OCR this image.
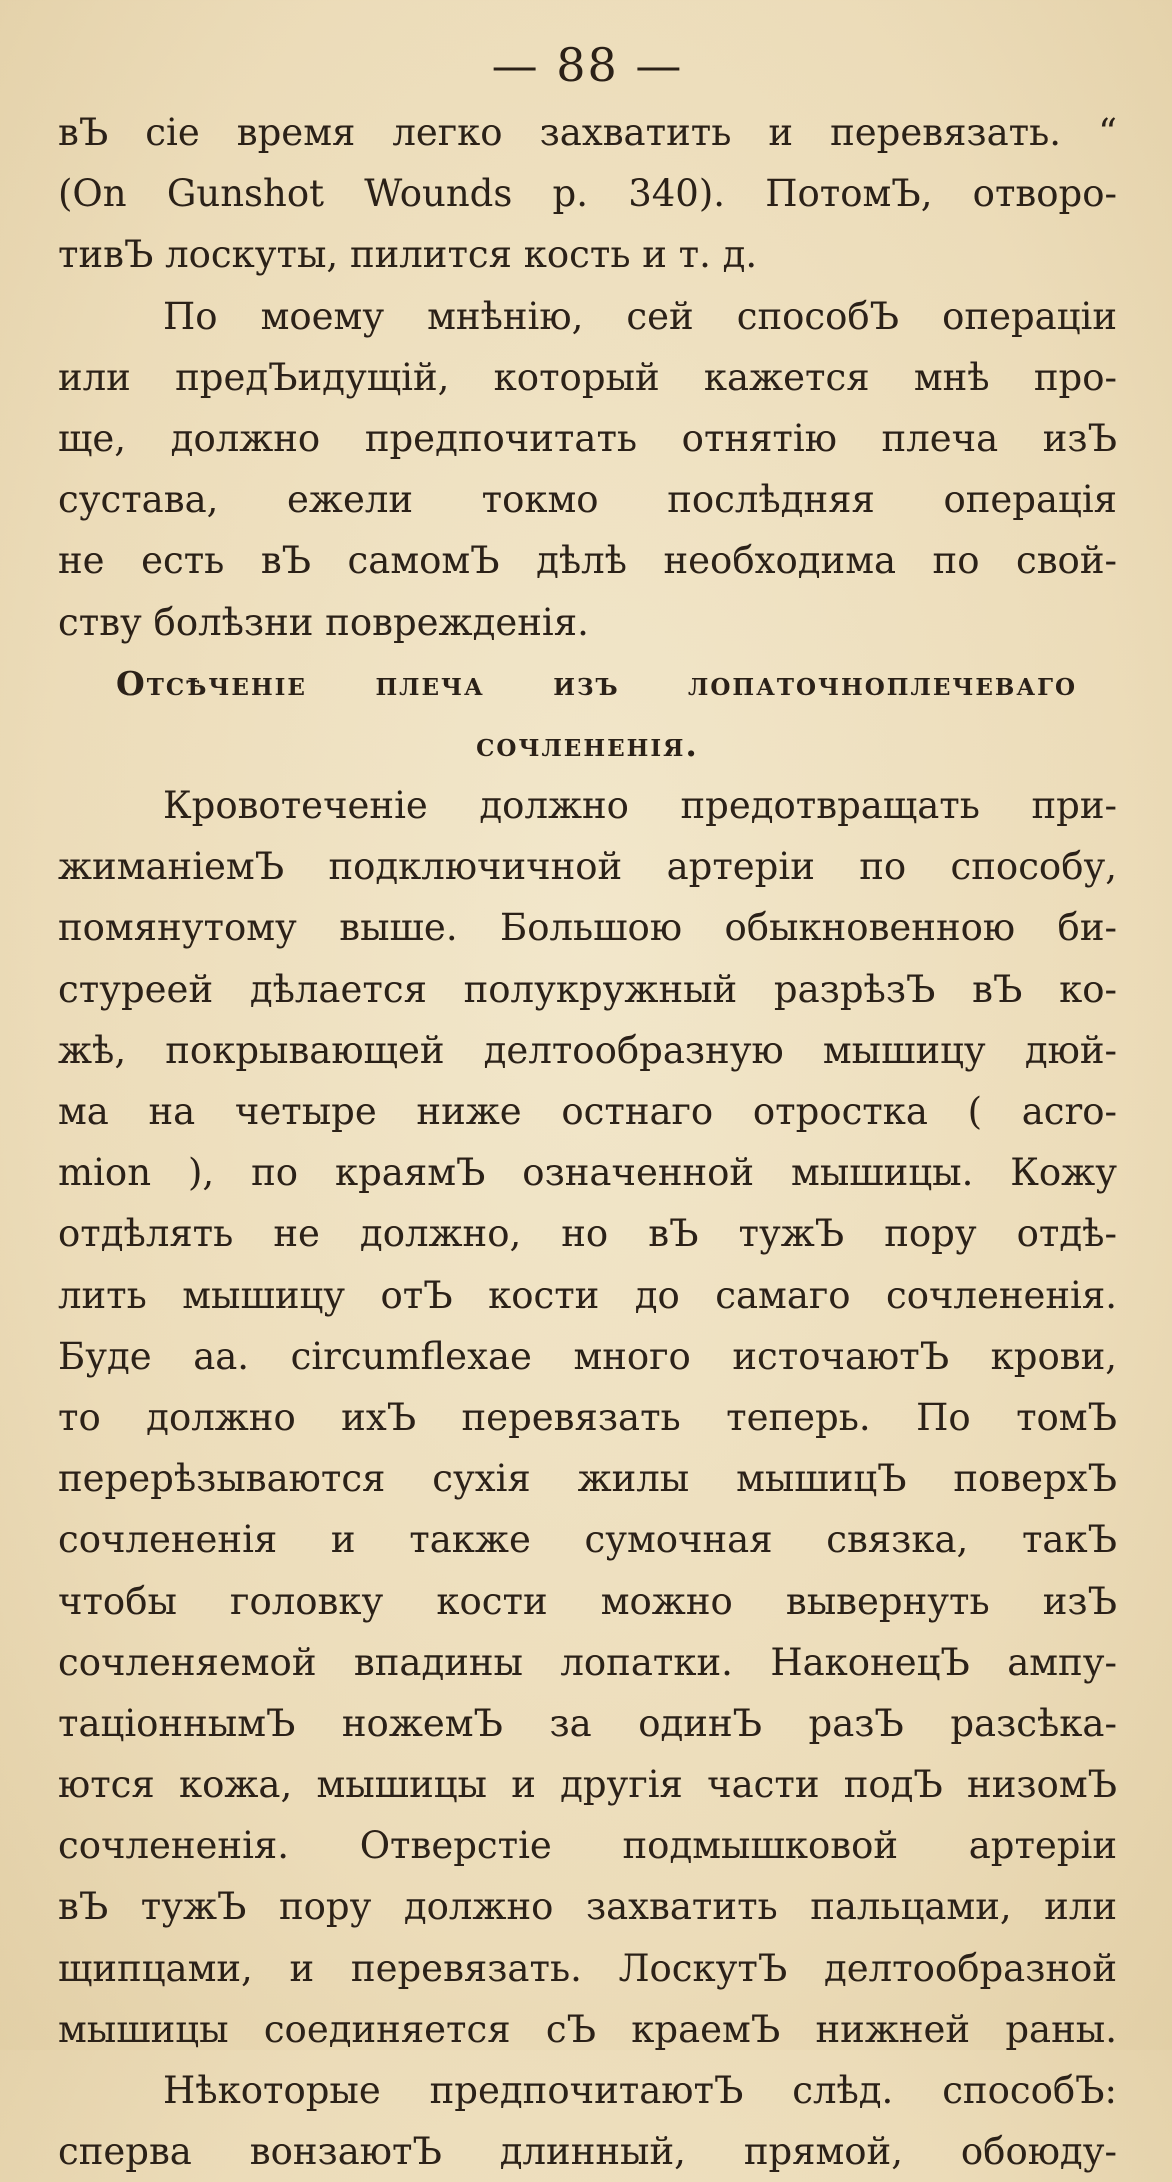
— 88 —
вЪ сіе время легко захватить и перевязать. “
(On Gunshot Wounds p. 340). ПотомЪ, отворо-
тивЪ лоскуты, пилится кость и т. д.
По моему мнѣнію, сей способЪ операціи
или предЪидущій, который кажется мнѣ про-
ще, должно предпочитать отнятію плеча изЪ
сустава, ежели токмо послѣдняя операція
не есть вЪ самомЪ дѣлѣ необходима по свой-
ству болѣзни поврежденія.
Отсѣченіе плеча изъ лопаточноплечеваго
сочлененія.
Кровотеченіе должно предотвращать при-
жиманіемЪ подключичной артеріи по способу,
помянутому выше. Большою обыкновенною би-
стуреей дѣлается полукружный разрѣзЪ вЪ ко-
жѣ, покрывающей делтообразную мышицу дюй-
ма на четыре ниже остнаго отростка ( acro-
mion ), по краямЪ означенной мышицы. Кожу
отдѣлять не должно, но вЪ тужЪ пору отдѣ-
лить мышицу отЪ кости до самаго сочлененія.
Буде аа. circumflexae много источаютЪ крови,
то должно ихЪ перевязать теперь. По томЪ
перерѣзываются сухія жилы мышицЪ поверхЪ
сочлененія и также сумочная связка, такЪ
чтобы головку кости можно вывернуть изЪ
сочленяемой впадины лопатки. НаконецЪ ампу-
таціоннымЪ ножемЪ за одинЪ разЪ разсѣка-
ются кожа, мышицы и другія части подЪ низомЪ
сочлененія. Отверстіе подмышковой артеріи
вЪ тужЪ пору должно захватить пальцами, или
щипцами, и перевязать. ЛоскутЪ делтообразной
мышицы соединяется сЪ краемЪ нижней раны.
Нѣкоторые предпочитаютЪ слѣд. способЪ:
сперва вонзаютЪ длинный, прямой, обоюду-
